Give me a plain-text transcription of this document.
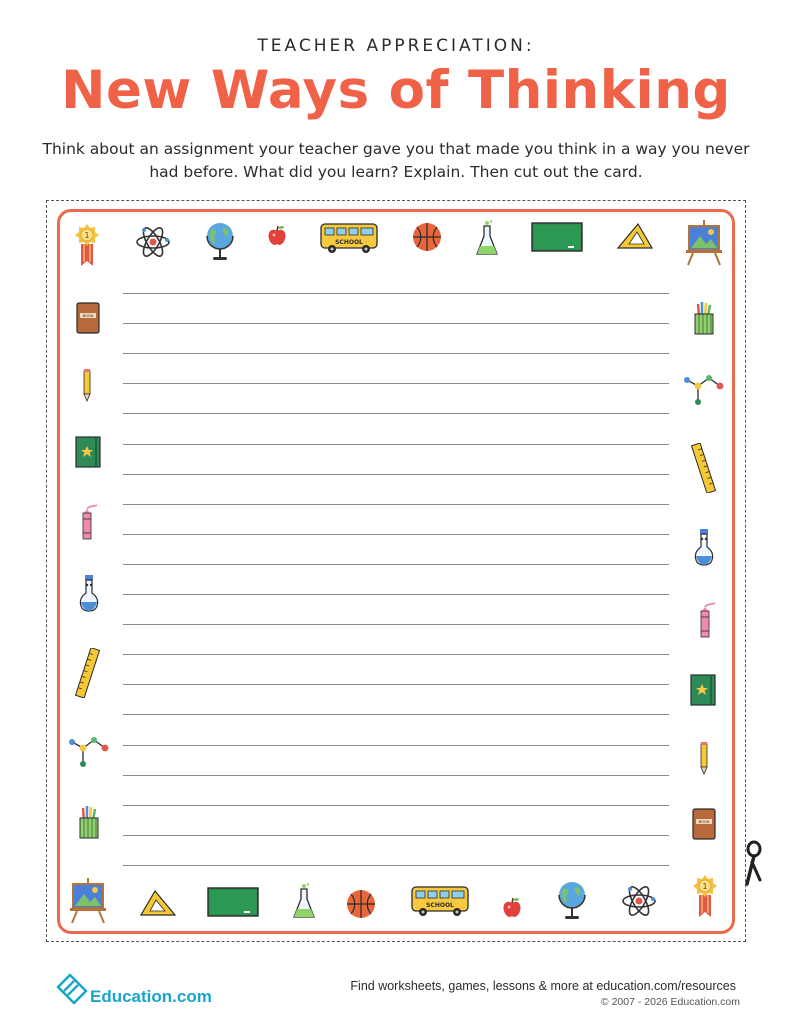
TEACHER APPRECIATION:
New Ways of Thinking
Think about an assignment your teacher gave you that made you think in a way you never had before. What did you learn? Explain. Then cut out the card.
1
SCHOOL
BOOK
BOOK
SCHOOL
1
Education.com
Find worksheets, games, lessons & more at education.com/resources
© 2007 - 2026 Education.com
